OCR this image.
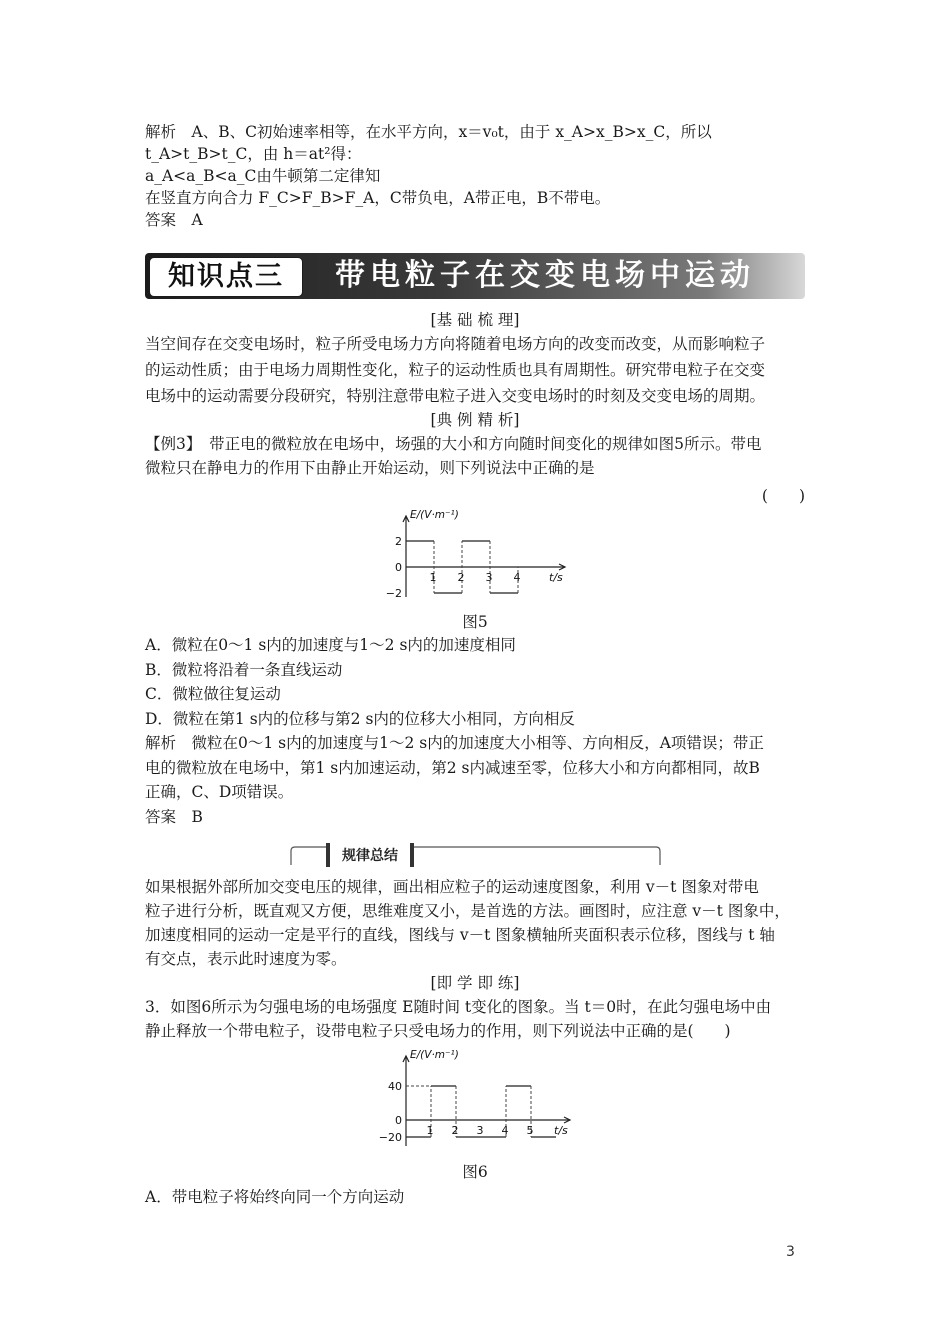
解析　A、B、C初始速率相等，在水平方向，x＝v₀t，由于 x_A>x_B>x_C，所以
t_A>t_B>t_C，由 h＝at²得：
a_A<a_B<a_C由牛顿第二定律知
在竖直方向合力 F_C>F_B>F_A，C带负电，A带正电，B不带电。
答案　A
知识点三	带电粒子在交变电场中运动
[基 础 梳 理]
当空间存在交变电场时，粒子所受电场力方向将随着电场方向的改变而改变，从而影响粒子
的运动性质；由于电场力周期性变化，粒子的运动性质也具有周期性。研究带电粒子在交变
电场中的运动需要分段研究，特别注意带电粒子进入交变电场时的时刻及交变电场的周期。
[典 例 精 析]
【例3】　带正电的微粒放在电场中，场强的大小和方向随时间变化的规律如图5所示。带电
微粒只在静电力的作用下由静止开始运动，则下列说法中正确的是
(　　)
E/(V·m⁻¹)
t/s
2
0
−2
1 2 3 4
图5
A．微粒在0～1 s内的加速度与1～2 s内的加速度相同
B．微粒将沿着一条直线运动
C．微粒做往复运动
D．微粒在第1 s内的位移与第2 s内的位移大小相同，方向相反
解析　微粒在0～1 s内的加速度与1～2 s内的加速度大小相等、方向相反，A项错误；带正
电的微粒放在电场中，第1 s内加速运动，第2 s内减速至零，位移大小和方向都相同，故B
正确，C、D项错误。
答案　B
规律总结
如果根据外部所加交变电压的规律，画出相应粒子的运动速度图象，利用 v－t 图象对带电
粒子进行分析，既直观又方便，思维难度又小，是首选的方法。画图时，应注意 v－t 图象中，
加速度相同的运动一定是平行的直线，图线与 v－t 图象横轴所夹面积表示位移，图线与 t 轴
有交点，表示此时速度为零。
[即 学 即 练]
3．如图6所示为匀强电场的电场强度 E随时间 t变化的图象。当 t＝0时，在此匀强电场中由
静止释放一个带电粒子，设带电粒子只受电场力的作用，则下列说法中正确的是(　　)
E/(V·m⁻¹)
t/s
40
0
−20
1 2 3 4 5
图6
A．带电粒子将始终向同一个方向运动
3
